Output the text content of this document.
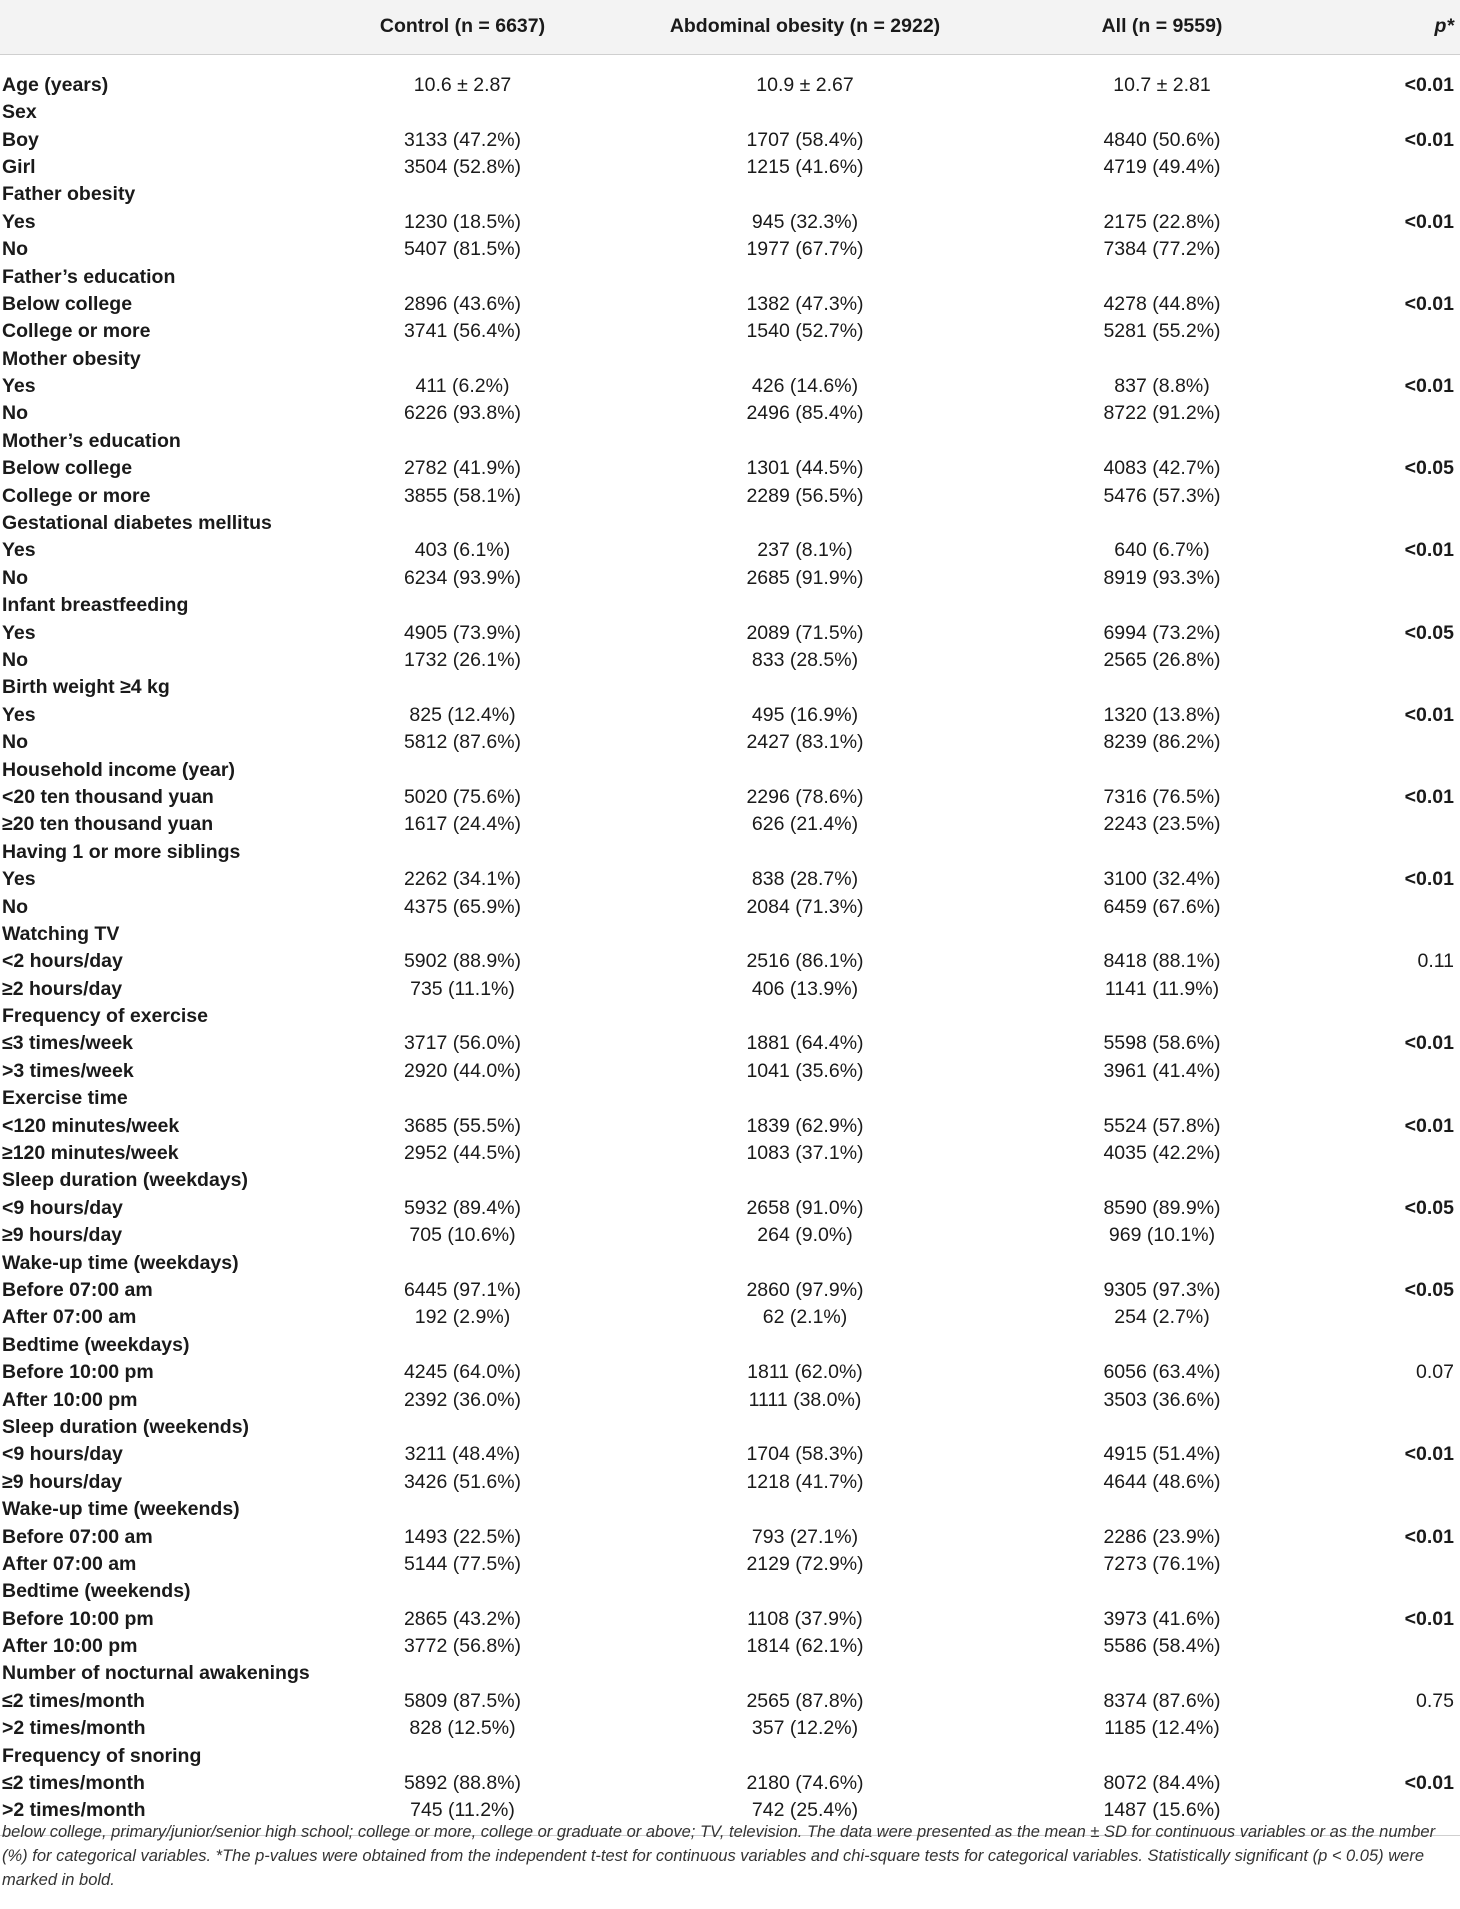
	Control (n = 6637)	Abdominal obesity (n = 2922)	All (n = 9559)	p*
Age (years)	10.6 ± 2.87	10.9 ± 2.67	10.7 ± 2.81	<0.01
Sex				
Boy	3133 (47.2%)	1707 (58.4%)	4840 (50.6%)	<0.01
Girl	3504 (52.8%)	1215 (41.6%)	4719 (49.4%)	
Father obesity				
Yes	1230 (18.5%)	945 (32.3%)	2175 (22.8%)	<0.01
No	5407 (81.5%)	1977 (67.7%)	7384 (77.2%)	
Father’s education				
Below college	2896 (43.6%)	1382 (47.3%)	4278 (44.8%)	<0.01
College or more	3741 (56.4%)	1540 (52.7%)	5281 (55.2%)	
Mother obesity				
Yes	411 (6.2%)	426 (14.6%)	837 (8.8%)	<0.01
No	6226 (93.8%)	2496 (85.4%)	8722 (91.2%)	
Mother’s education				
Below college	2782 (41.9%)	1301 (44.5%)	4083 (42.7%)	<0.05
College or more	3855 (58.1%)	2289 (56.5%)	5476 (57.3%)	
Gestational diabetes mellitus				
Yes	403 (6.1%)	237 (8.1%)	640 (6.7%)	<0.01
No	6234 (93.9%)	2685 (91.9%)	8919 (93.3%)	
Infant breastfeeding				
Yes	4905 (73.9%)	2089 (71.5%)	6994 (73.2%)	<0.05
No	1732 (26.1%)	833 (28.5%)	2565 (26.8%)	
Birth weight ≥4 kg				
Yes	825 (12.4%)	495 (16.9%)	1320 (13.8%)	<0.01
No	5812 (87.6%)	2427 (83.1%)	8239 (86.2%)	
Household income (year)				
<20 ten thousand yuan	5020 (75.6%)	2296 (78.6%)	7316 (76.5%)	<0.01
≥20 ten thousand yuan	1617 (24.4%)	626 (21.4%)	2243 (23.5%)	
Having 1 or more siblings				
Yes	2262 (34.1%)	838 (28.7%)	3100 (32.4%)	<0.01
No	4375 (65.9%)	2084 (71.3%)	6459 (67.6%)	
Watching TV				
<2 hours/day	5902 (88.9%)	2516 (86.1%)	8418 (88.1%)	0.11
≥2 hours/day	735 (11.1%)	406 (13.9%)	1141 (11.9%)	
Frequency of exercise				
≤3 times/week	3717 (56.0%)	1881 (64.4%)	5598 (58.6%)	<0.01
>3 times/week	2920 (44.0%)	1041 (35.6%)	3961 (41.4%)	
Exercise time				
<120 minutes/week	3685 (55.5%)	1839 (62.9%)	5524 (57.8%)	<0.01
≥120 minutes/week	2952 (44.5%)	1083 (37.1%)	4035 (42.2%)	
Sleep duration (weekdays)				
<9 hours/day	5932 (89.4%)	2658 (91.0%)	8590 (89.9%)	<0.05
≥9 hours/day	705 (10.6%)	264 (9.0%)	969 (10.1%)	
Wake-up time (weekdays)				
Before 07:00 am	6445 (97.1%)	2860 (97.9%)	9305 (97.3%)	<0.05
After 07:00 am	192 (2.9%)	62 (2.1%)	254 (2.7%)	
Bedtime (weekdays)				
Before 10:00 pm	4245 (64.0%)	1811 (62.0%)	6056 (63.4%)	0.07
After 10:00 pm	2392 (36.0%)	1111 (38.0%)	3503 (36.6%)	
Sleep duration (weekends)				
<9 hours/day	3211 (48.4%)	1704 (58.3%)	4915 (51.4%)	<0.01
≥9 hours/day	3426 (51.6%)	1218 (41.7%)	4644 (48.6%)	
Wake-up time (weekends)				
Before 07:00 am	1493 (22.5%)	793 (27.1%)	2286 (23.9%)	<0.01
After 07:00 am	5144 (77.5%)	2129 (72.9%)	7273 (76.1%)	
Bedtime (weekends)				
Before 10:00 pm	2865 (43.2%)	1108 (37.9%)	3973 (41.6%)	<0.01
After 10:00 pm	3772 (56.8%)	1814 (62.1%)	5586 (58.4%)	
Number of nocturnal awakenings				
≤2 times/month	5809 (87.5%)	2565 (87.8%)	8374 (87.6%)	0.75
>2 times/month	828 (12.5%)	357 (12.2%)	1185 (12.4%)	
Frequency of snoring				
≤2 times/month	5892 (88.8%)	2180 (74.6%)	8072 (84.4%)	<0.01
>2 times/month	745 (11.2%)	742 (25.4%)	1487 (15.6%)	
below college, primary/junior/senior high school; college or more, college or graduate or above; TV, television. The data were presented as the mean ± SD for continuous variables or as the number (%) for categorical variables. *The p-values were obtained from the independent t-test for continuous variables and chi-square tests for categorical variables. Statistically significant (p < 0.05) were marked in bold.
